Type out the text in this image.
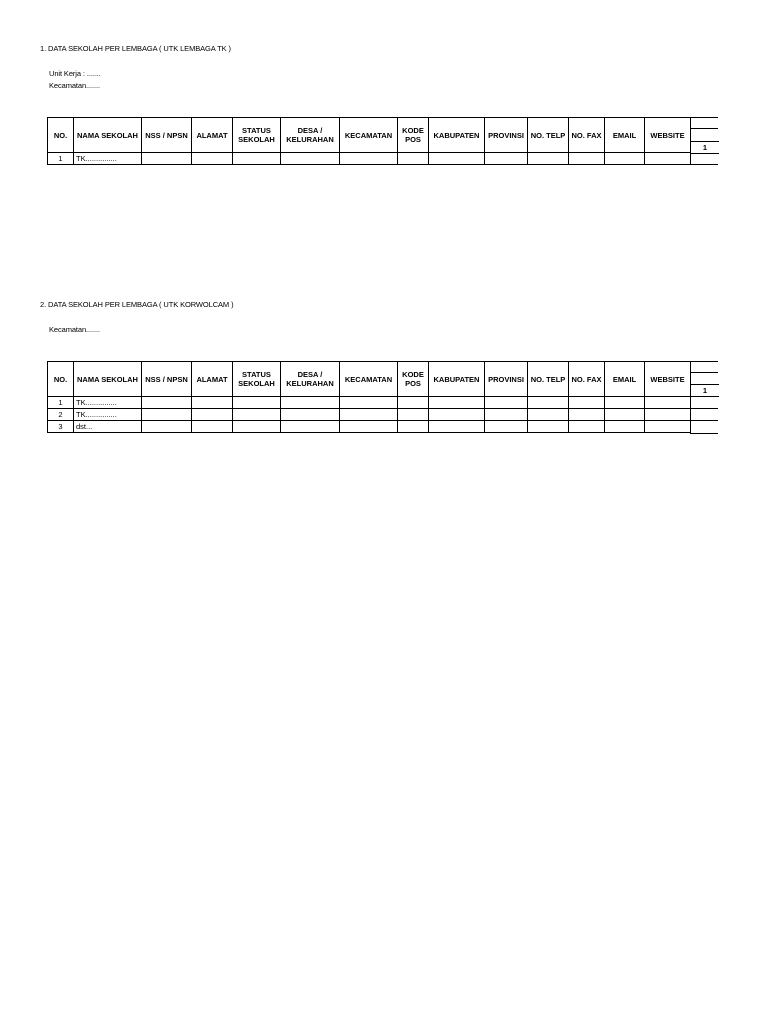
1. DATA SEKOLAH PER LEMBAGA ( UTK LEMBAGA TK )
Unit Kerja : .......
Kecamatan.......
NO.	NAMA SEKOLAH	NSS / NPSN	ALAMAT	STATUS SEKOLAH	DESA / KELURAHAN	KECAMATAN	KODE POS	KABUPATEN	PROVINSI	NO. TELP	NO. FAX	EMAIL	WEBSITE
1	TK...............												
1
2. DATA SEKOLAH PER LEMBAGA ( UTK KORWOLCAM )
Kecamatan.......
NO.	NAMA SEKOLAH	NSS / NPSN	ALAMAT	STATUS SEKOLAH	DESA / KELURAHAN	KECAMATAN	KODE POS	KABUPATEN	PROVINSI	NO. TELP	NO. FAX	EMAIL	WEBSITE
1	TK...............												
2	TK...............												
3	dst...												
1
